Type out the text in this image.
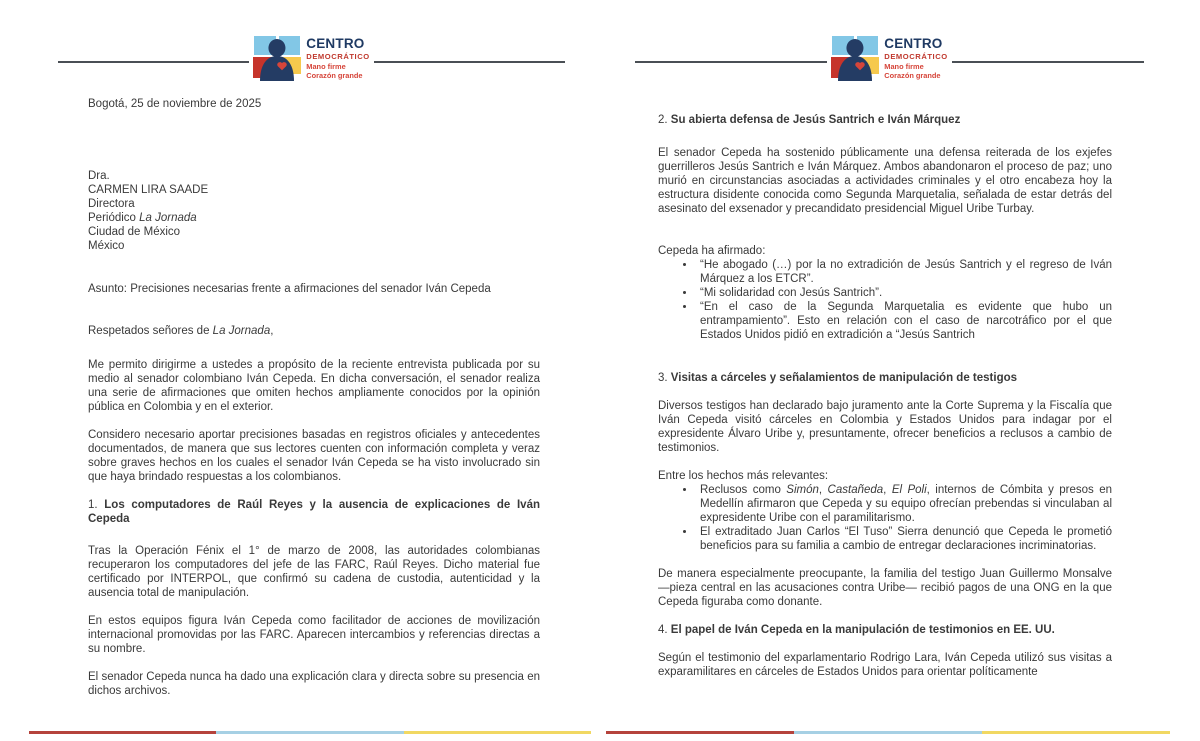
CENTRO
DEMOCRÁTICO
Mano firme
Corazón grande

Bogotá, 25 de noviembre de 2025

Dra.

CARMEN LIRA SAADE

Directora

Periódico La Jornada

Ciudad de México

México

Asunto: Precisiones necesarias frente a afirmaciones del senador Iván Cepeda

Respetados señores de La Jornada,

Me permito dirigirme a ustedes a propósito de la reciente entrevista publicada por su medio al senador colombiano Iván Cepeda. En dicha conversación, el senador realiza una serie de afirmaciones que omiten hechos ampliamente conocidos por la opinión pública en Colombia y en el exterior.

Considero necesario aportar precisiones basadas en registros oficiales y antecedentes documentados, de manera que sus lectores cuenten con información completa y veraz sobre graves hechos en los cuales el senador Iván Cepeda se ha visto involucrado sin que haya brindado respuestas a los colombianos.

1. Los computadores de Raúl Reyes y la ausencia de explicaciones de Iván Cepeda

Tras la Operación Fénix el 1° de marzo de 2008, las autoridades colombianas recuperaron los computadores del jefe de las FARC, Raúl Reyes. Dicho material fue certificado por INTERPOL, que confirmó su cadena de custodia, autenticidad y la ausencia total de manipulación.

En estos equipos figura Iván Cepeda como facilitador de acciones de movilización internacional promovidas por las FARC. Aparecen intercambios y referencias directas a su nombre.

El senador Cepeda nunca ha dado una explicación clara y directa sobre su presencia en dichos archivos.

CENTRO
DEMOCRÁTICO
Mano firme
Corazón grande
2. Su abierta defensa de Jesús Santrich e Iván Márquez

El senador Cepeda ha sostenido públicamente una defensa reiterada de los exjefes guerrilleros Jesús Santrich e Iván Márquez. Ambos abandonaron el proceso de paz; uno murió en circunstancias asociadas a actividades criminales y el otro encabeza hoy la estructura disidente conocida como Segunda Marquetalia, señalada de estar detrás del asesinato del exsenador y precandidato presidencial Miguel Uribe Turbay.

Cepeda ha afirmado:

• “He abogado (…) por la no extradición de Jesús Santrich y el regreso de Iván Márquez a los ETCR”.
• “Mi solidaridad con Jesús Santrich”.
• “En el caso de la Segunda Marquetalia es evidente que hubo un entrampamiento”. Esto en relación con el caso de narcotráfico por el que Estados Unidos pidió en extradición a “Jesús Santrich
3. Visitas a cárceles y señalamientos de manipulación de testigos

Diversos testigos han declarado bajo juramento ante la Corte Suprema y la Fiscalía que Iván Cepeda visitó cárceles en Colombia y Estados Unidos para indagar por el expresidente Álvaro Uribe y, presuntamente, ofrecer beneficios a reclusos a cambio de testimonios.

Entre los hechos más relevantes:

• Reclusos como Simón, Castañeda, El Poli, internos de Cómbita y presos en Medellín afirmaron que Cepeda y su equipo ofrecían prebendas si vinculaban al expresidente Uribe con el paramilitarismo.
• El extraditado Juan Carlos “El Tuso” Sierra denunció que Cepeda le prometió beneficios para su familia a cambio de entregar declaraciones incriminatorias.

De manera especialmente preocupante, la familia del testigo Juan Guillermo Monsalve —pieza central en las acusaciones contra Uribe— recibió pagos de una ONG en la que Cepeda figuraba como donante.

4. El papel de Iván Cepeda en la manipulación de testimonios en EE. UU.

Según el testimonio del exparlamentario Rodrigo Lara, Iván Cepeda utilizó sus visitas a exparamilitares en cárceles de Estados Unidos para orientar políticamente
